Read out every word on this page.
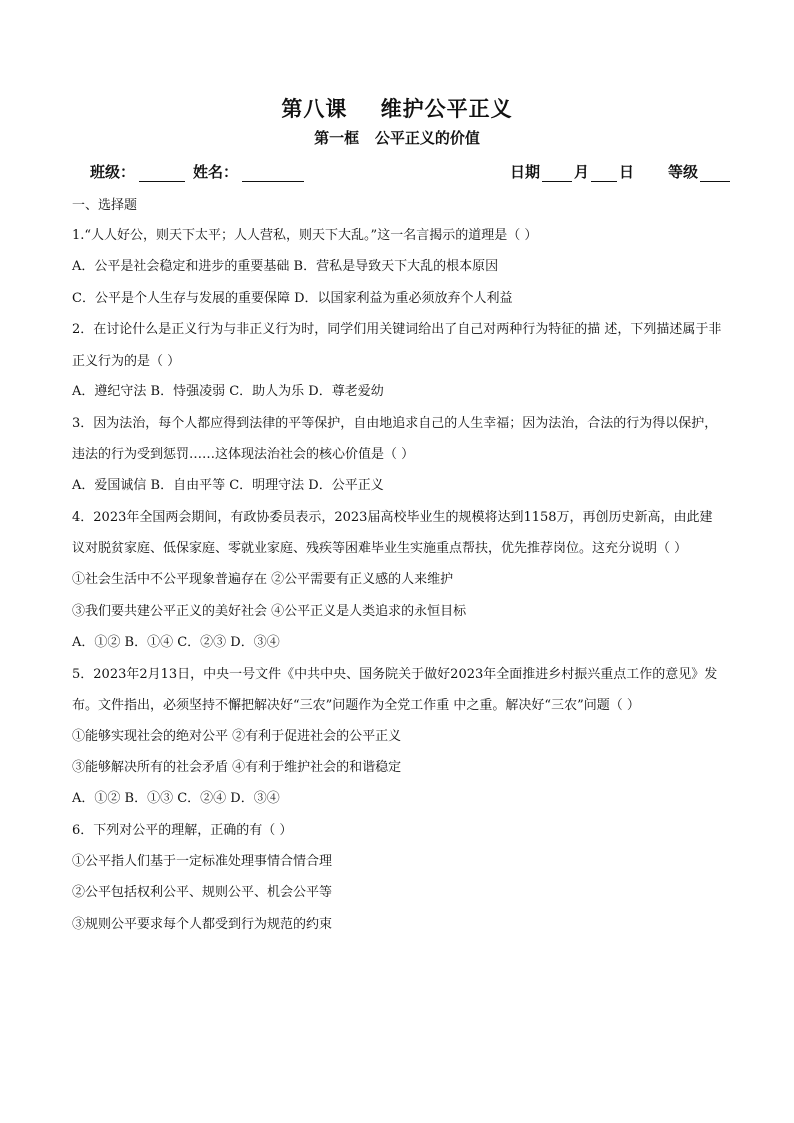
第八课    维护公平正义
第一框   公平正义的价值
班级：	姓名：	日期 月 日 等级
一、选择题
1.“人人好公，则天下太平；人人营私，则天下大乱。”这一名言揭示的道理是（ ）
A．公平是社会稳定和进步的重要基础 B．营私是导致天下大乱的根本原因
C．公平是个人生存与发展的重要保障 D．以国家利益为重必须放弃个人利益
2．在讨论什么是正义行为与非正义行为时，同学们用关键词给出了自己对两种行为特征的描 述，下列描述属于非正义行为的是（ ）
A．遵纪守法 B．恃强凌弱 C．助人为乐 D．尊老爱幼
3．因为法治，每个人都应得到法律的平等保护，自由地追求自己的人生幸福；因为法治，合法的行为得以保护，违法的行为受到惩罚……这体现法治社会的核心价值是（ ）
A．爱国诚信 B．自由平等 C．明理守法 D．公平正义
4．2023年全国两会期间，有政协委员表示，2023届高校毕业生的规模将达到1158万，再创历史新高，由此建议对脱贫家庭、低保家庭、零就业家庭、残疾等困难毕业生实施重点帮扶，优先推荐岗位。这充分说明（ ）
①社会生活中不公平现象普遍存在 ②公平需要有正义感的人来维护
③我们要共建公平正义的美好社会 ④公平正义是人类追求的永恒目标
A．①② B．①④ C．②③ D．③④
5．2023年2月13日，中央一号文件《中共中央、国务院关于做好2023年全面推进乡村振兴重点工作的意见》发布。文件指出，必须坚持不懈把解决好“三农”问题作为全党工作重 中之重。解决好“三农”问题（ ）
①能够实现社会的绝对公平 ②有利于促进社会的公平正义
③能够解决所有的社会矛盾 ④有利于维护社会的和谐稳定
A．①② B．①③ C．②④ D．③④
6．下列对公平的理解，正确的有（ ）
①公平指人们基于一定标准处理事情合情合理
②公平包括权利公平、规则公平、机会公平等
③规则公平要求每个人都受到行为规范的约束
